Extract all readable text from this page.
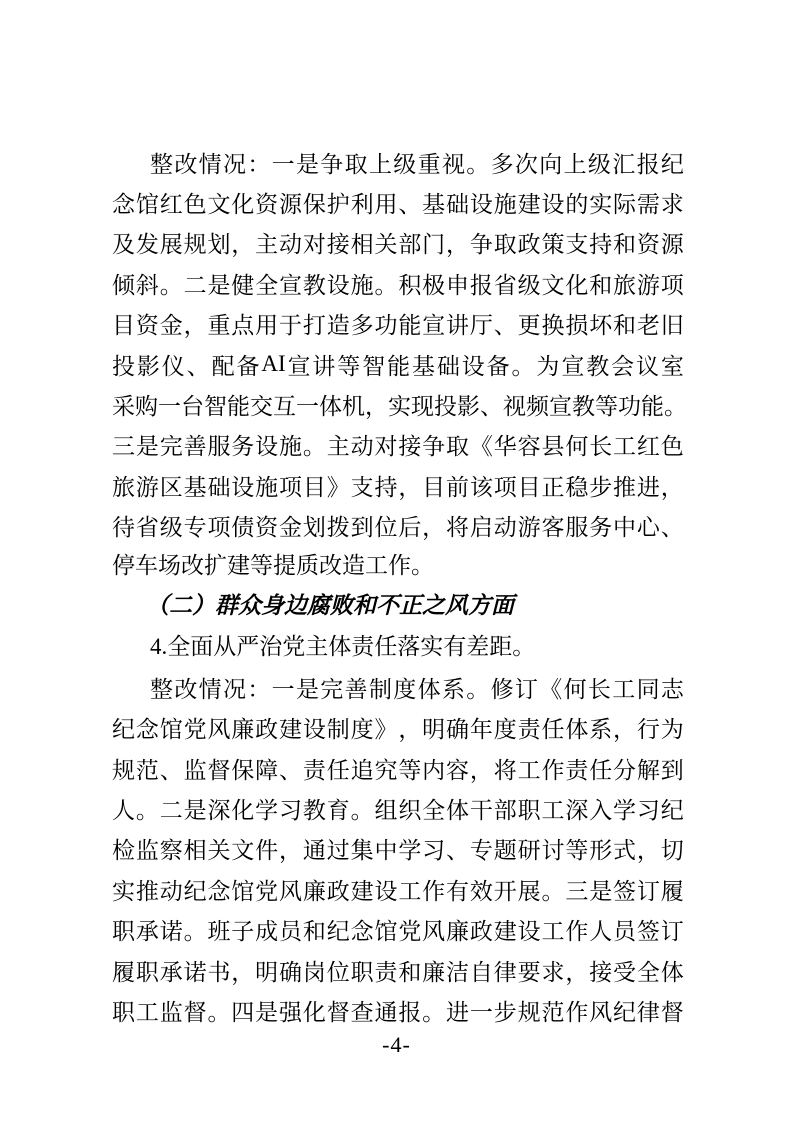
整 改 情 况 ： 一 是 争 取 上 级 重 视 。 多 次 向 上 级 汇 报 纪
念 馆 红 色 文 化 资 源 保 护 利 用 、 基 础 设 施 建 设 的 实 际 需 求
及 发 展 规 划 ， 主 动 对 接 相 关 部 门 ， 争 取 政 策 支 持 和 资 源
倾 斜 。 二 是 健 全 宣 教 设 施 。 积 极 申 报 省 级 文 化 和 旅 游 项
目 资 金 ， 重 点 用 于 打 造 多 功 能 宣 讲 厅 、 更 换 损 坏 和 老 旧
投 影 仪 、 配 备 AI 宣 讲 等 智 能 基 础 设 备 。 为 宣 教 会 议 室
采 购 一 台 智 能 交 互 一 体 机 ， 实 现 投 影 、 视 频 宣 教 等 功 能 。
三 是 完 善 服 务 设 施 。 主 动 对 接 争 取 《 华 容 县 何 长 工 红 色
旅 游 区 基 础 设 施 项 目 》 支 持 ， 目 前 该 项 目 正 稳 步 推 进 ，
待 省 级 专 项 债 资 金 划 拨 到 位 后 ， 将 启 动 游 客 服 务 中 心 、
停车场改扩建等提质改造工作。
（二）群众身边腐败和不正之风方面
4.全面从严治党主体责任落实有差距。
整 改 情 况 ： 一 是 完 善 制 度 体 系 。 修 订 《 何 长 工 同 志
纪 念 馆 党 风 廉 政 建 设 制 度 》 ， 明 确 年 度 责 任 体 系 ， 行 为
规 范 、 监 督 保 障 、 责 任 追 究 等 内 容 ， 将 工 作 责 任 分 解 到
人 。 二 是 深 化 学 习 教 育 。 组 织 全 体 干 部 职 工 深 入 学 习 纪
检 监 察 相 关 文 件 ， 通 过 集 中 学 习 、 专 题 研 讨 等 形 式 ， 切
实 推 动 纪 念 馆 党 风 廉 政 建 设 工 作 有 效 开 展 。 三 是 签 订 履
职 承 诺 。 班 子 成 员 和 纪 念 馆 党 风 廉 政 建 设 工 作 人 员 签 订
履 职 承 诺 书 ， 明 确 岗 位 职 责 和 廉 洁 自 律 要 求 ， 接 受 全 体
职 工 监 督 。 四 是 强 化 督 查 通 报 。 进 一 步 规 范 作 风 纪 律 督
-4-
